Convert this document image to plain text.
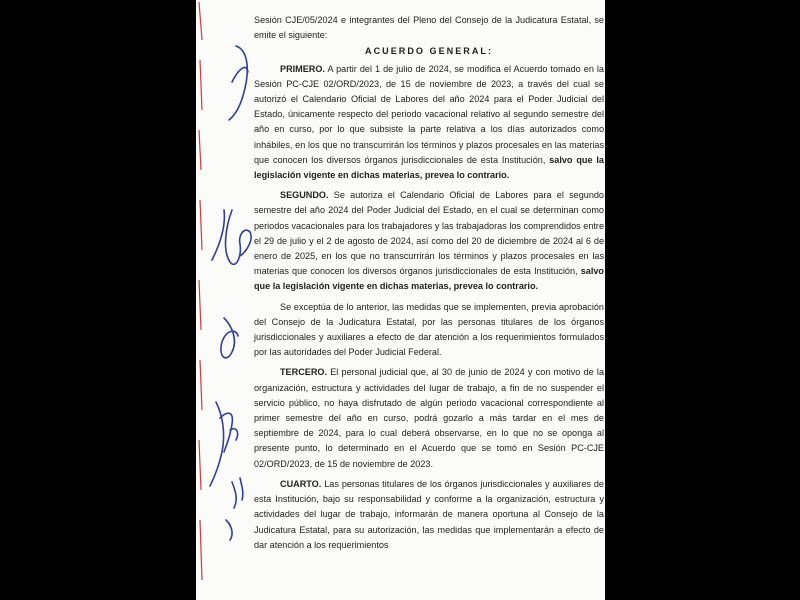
Sesión CJE/05/2024 e integrantes del Pleno del Consejo de la Judicatura Estatal, se emite el siguiente:

ACUERDO GENERAL:

PRIMERO. A partir del 1 de julio de 2024, se modifica el Acuerdo tomado en la Sesión PC-CJE 02/ORD/2023, de 15 de noviembre de 2023, a través del cual se autorizó el Calendario Oficial de Labores del año 2024 para el Poder Judicial del Estado, únicamente respecto del periodo vacacional relativo al segundo semestre del año en curso, por lo que subsiste la parte relativa a los días autorizados como inhábiles, en los que no transcurrirán los términos y plazos procesales en las materias que conocen los diversos órganos jurisdiccionales de esta Institución, salvo que la legislación vigente en dichas materias, prevea lo contrario.

SEGUNDO. Se autoriza el Calendario Oficial de Labores para el segundo semestre del año 2024 del Poder Judicial del Estado, en el cual se determinan como periodos vacacionales para los trabajadores y las trabajadoras los comprendidos entre el 29 de julio y el 2 de agosto de 2024, así como del 20 de diciembre de 2024 al 6 de enero de 2025, en los que no transcurrirán los términos y plazos procesales en las materias que conocen los diversos órganos jurisdiccionales de esta Institución, salvo que la legislación vigente en dichas materias, prevea lo contrario.

Se exceptúa de lo anterior, las medidas que se implementen, previa aprobación del Consejo de la Judicatura Estatal, por las personas titulares de los órganos jurisdiccionales y auxiliares a efecto de dar atención a los requerimientos formulados por las autoridades del Poder Judicial Federal.

TERCERO. El personal judicial que, al 30 de junio de 2024 y con motivo de la organización, estructura y actividades del lugar de trabajo, a fin de no suspender el servicio público, no haya disfrutado de algún periodo vacacional correspondiente al primer semestre del año en curso, podrá gozarlo a más tardar en el mes de septiembre de 2024, para lo cual deberá observarse, en lo que no se oponga al presente punto, lo determinado en el Acuerdo que se tomó en Sesión PC-CJE 02/ORD/2023, de 15 de noviembre de 2023.

CUARTO. Las personas titulares de los órganos jurisdiccionales y auxiliares de esta Institución, bajo su responsabilidad y conforme a la organización, estructura y actividades del lugar de trabajo, informarán de manera oportuna al Consejo de la Judicatura Estatal, para su autorización, las medidas que implementarán a efecto de dar atención a los requerimientos
